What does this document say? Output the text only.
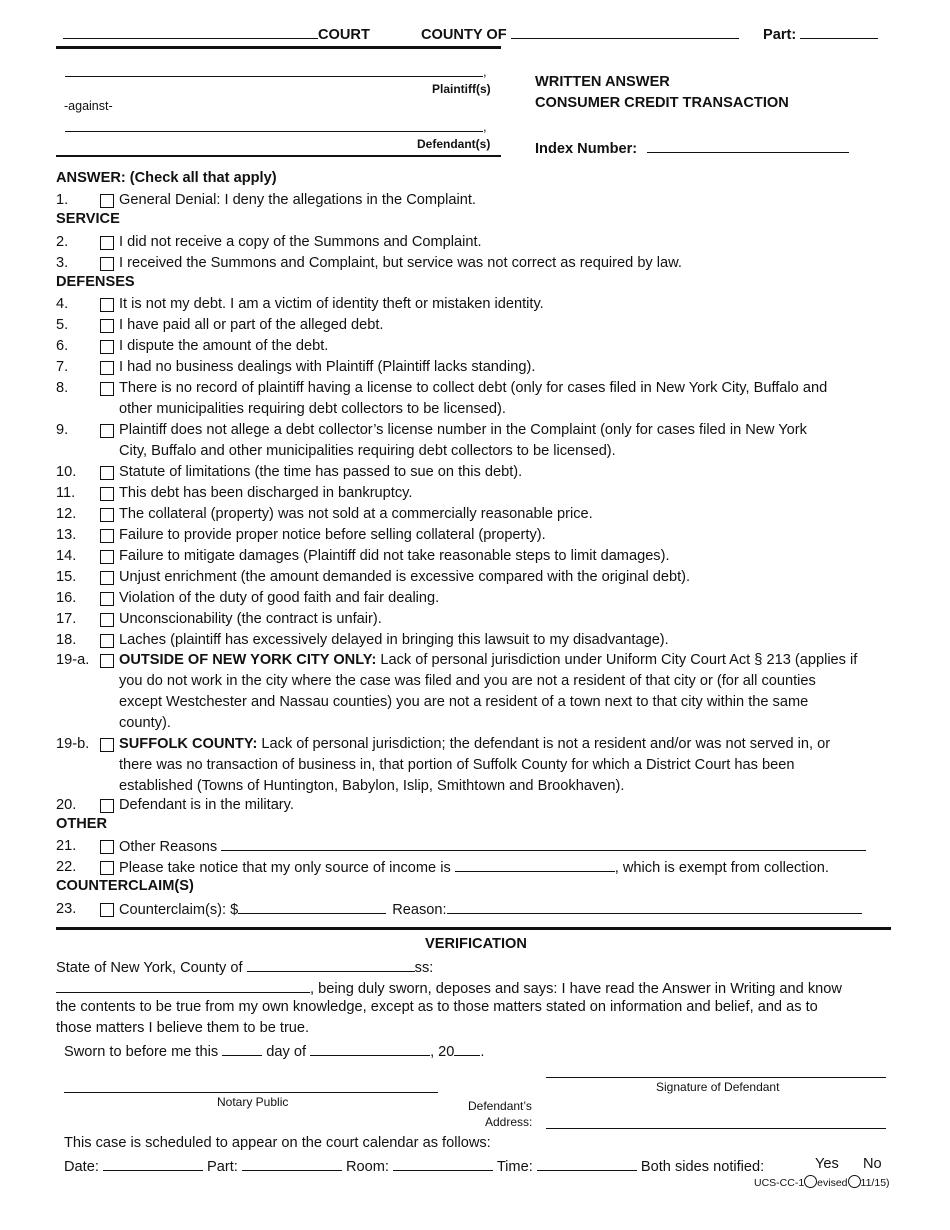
COURT	COUNTY OF	Part:
,
Plaintiff(s)
-against-
,
Defendant(s)
WRITTEN ANSWER
CONSUMER CREDIT TRANSACTION
Index Number:
ANSWER: (Check all that apply)
SERVICE
DEFENSES
OTHER
COUNTERCLAIM(S)
1.	General Denial: I deny the allegations in the Complaint.
2.	I did not receive a copy of the Summons and Complaint.
3.	I received the Summons and Complaint, but service was not correct as required by law.
4.	It is not my debt. I am a victim of identity theft or mistaken identity.
5.	I have paid all or part of the alleged debt.
6.	I dispute the amount of the debt.
7.	I had no business dealings with Plaintiff (Plaintiff lacks standing).
8.	There is no record of plaintiff having a license to collect debt (only for cases filed in New York City, Buffalo and
other municipalities requiring debt collectors to be licensed).
9.	Plaintiff does not allege a debt collector’s license number in the Complaint (only for cases filed in New York
City, Buffalo and other municipalities requiring debt collectors to be licensed).
10.	Statute of limitations (the time has passed to sue on this debt).
11.	This debt has been discharged in bankruptcy.
12.	The collateral (property) was not sold at a commercially reasonable price.
13.	Failure to provide proper notice before selling collateral (property).
14.	Failure to mitigate damages (Plaintiff did not take reasonable steps to limit damages).
15.	Unjust enrichment (the amount demanded is excessive compared with the original debt).
16.	Violation of the duty of good faith and fair dealing.
17.	Unconscionability (the contract is unfair).
18.	Laches (plaintiff has excessively delayed in bringing this lawsuit to my disadvantage).
19-a.	OUTSIDE OF NEW YORK CITY ONLY: Lack of personal jurisdiction under Uniform City Court Act § 213 (applies if
you do not work in the city where the case was filed and you are not a resident of that city or (for all counties
except Westchester and Nassau counties) you are not a resident of a town next to that city within the same
county).
19-b.	SUFFOLK COUNTY: Lack of personal jurisdiction; the defendant is not a resident and/or was not served in, or
there was no transaction of business in, that portion of Suffolk County for which a District Court has been
established (Towns of Huntington, Babylon, Islip, Smithtown and Brookhaven).
20.	Defendant is in the military.
21.	Other Reasons
22.	Please take notice that my only source of income is	, which is exempt from collection.
23.	Counterclaim(s): $	Reason:
VERIFICATION
State of New York, County of	ss:
, being duly sworn, deposes and says: I have read the Answer in Writing and know
the contents to be true from my own knowledge, except as to those matters stated on information and belief, and as to
those matters I believe them to be true.
Sworn to before me this	day of	, 20 .
Signature of Defendant
Notary Public	Defendant’s
Address:
This case is scheduled to appear on the court calendar as follows:
Date:	Part:	Room:	Time:	Both sides notified:	Yes No
UCS-CC-1 evised 11/15)
